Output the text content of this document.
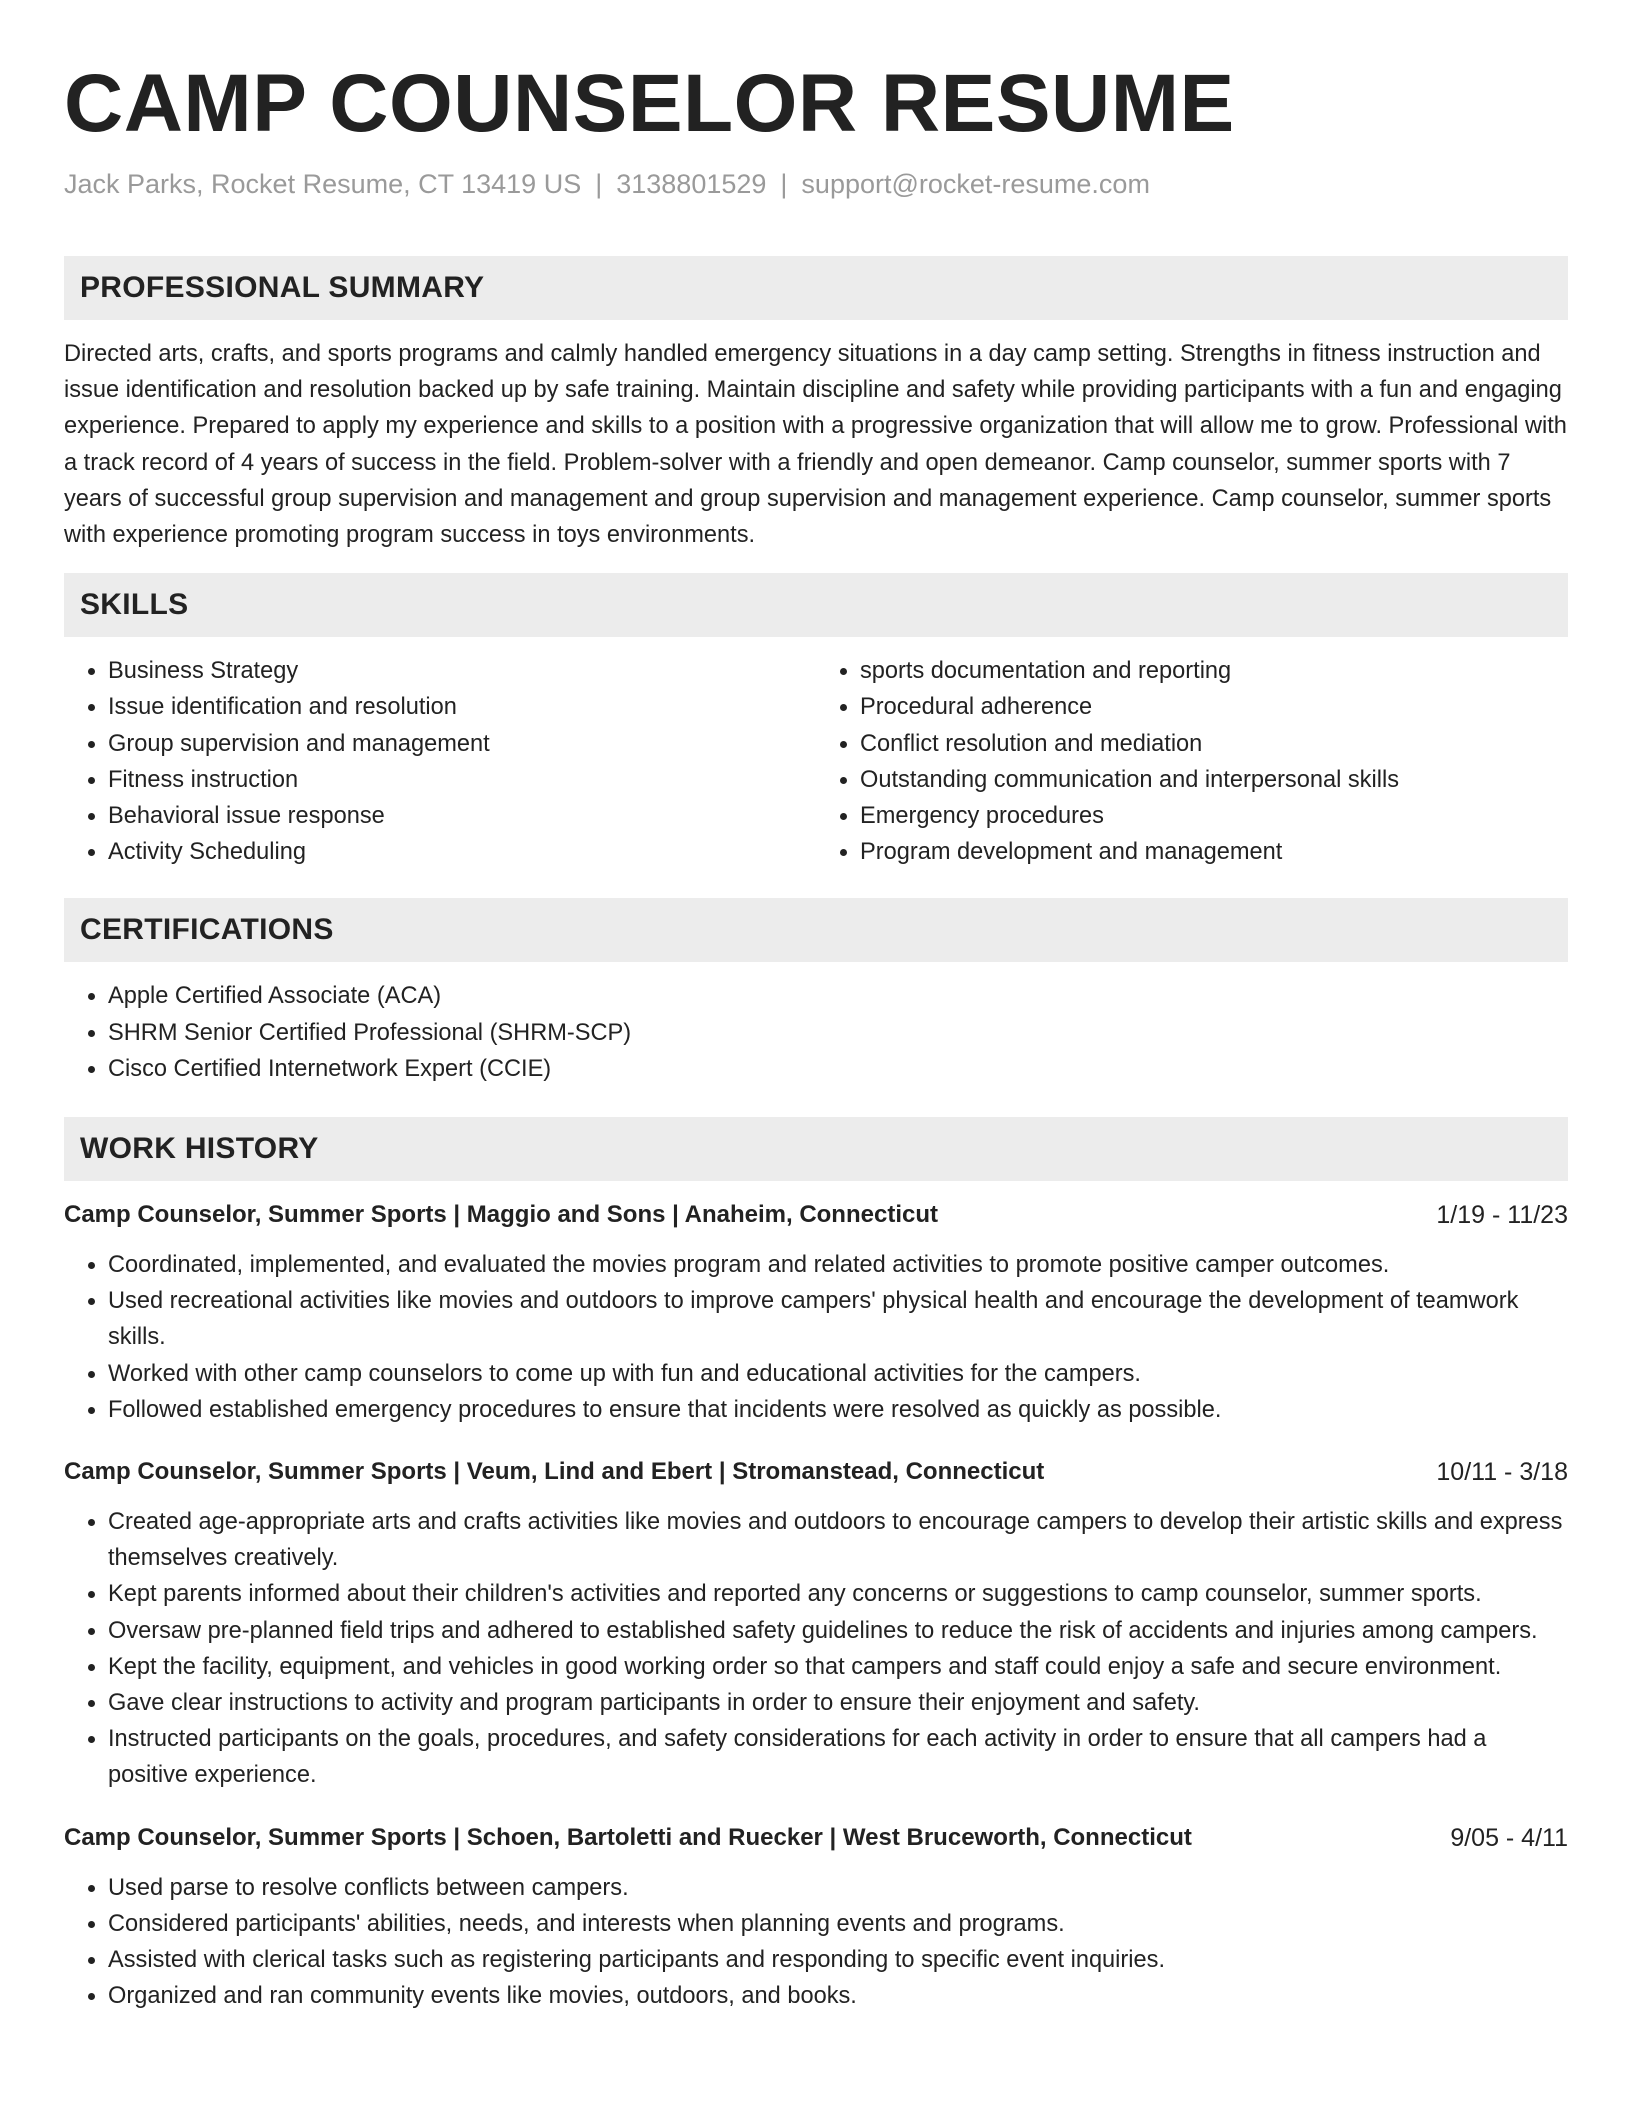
CAMP COUNSELOR RESUME
Jack Parks, Rocket Resume, CT 13419 US | 3138801529 | support@rocket-resume.com
PROFESSIONAL SUMMARY

Directed arts, crafts, and sports programs and calmly handled emergency situations in a day camp setting. Strengths in fitness instruction and issue identification and resolution backed up by safe training. Maintain discipline and safety while providing participants with a fun and engaging experience. Prepared to apply my experience and skills to a position with a progressive organization that will allow me to grow. Professional with a track record of 4 years of success in the field. Problem-solver with a friendly and open demeanor. Camp counselor, summer sports with 7 years of successful group supervision and management and group supervision and management experience. Camp counselor, summer sports with experience promoting program success in toys environments.

SKILLS
• Business Strategy
• Issue identification and resolution
• Group supervision and management
• Fitness instruction
• Behavioral issue response
• Activity Scheduling
• sports documentation and reporting
• Procedural adherence
• Conflict resolution and mediation
• Outstanding communication and interpersonal skills
• Emergency procedures
• Program development and management
CERTIFICATIONS
• Apple Certified Associate (ACA)
• SHRM Senior Certified Professional (SHRM-SCP)
• Cisco Certified Internetwork Expert (CCIE)
WORK HISTORY
Camp Counselor, Summer Sports | Maggio and Sons | Anaheim, Connecticut	1/19 - 11/23
• Coordinated, implemented, and evaluated the movies program and related activities to promote positive camper outcomes.
• Used recreational activities like movies and outdoors to improve campers' physical health and encourage the development of teamwork skills.
• Worked with other camp counselors to come up with fun and educational activities for the campers.
• Followed established emergency procedures to ensure that incidents were resolved as quickly as possible.
Camp Counselor, Summer Sports | Veum, Lind and Ebert | Stromanstead, Connecticut	10/11 - 3/18
• Created age-appropriate arts and crafts activities like movies and outdoors to encourage campers to develop their artistic skills and express themselves creatively.
• Kept parents informed about their children's activities and reported any concerns or suggestions to camp counselor, summer sports.
• Oversaw pre-planned field trips and adhered to established safety guidelines to reduce the risk of accidents and injuries among campers.
• Kept the facility, equipment, and vehicles in good working order so that campers and staff could enjoy a safe and secure environment.
• Gave clear instructions to activity and program participants in order to ensure their enjoyment and safety.
• Instructed participants on the goals, procedures, and safety considerations for each activity in order to ensure that all campers had a positive experience.
Camp Counselor, Summer Sports | Schoen, Bartoletti and Ruecker | West Bruceworth, Connecticut	9/05 - 4/11
• Used parse to resolve conflicts between campers.
• Considered participants' abilities, needs, and interests when planning events and programs.
• Assisted with clerical tasks such as registering participants and responding to specific event inquiries.
• Organized and ran community events like movies, outdoors, and books.
